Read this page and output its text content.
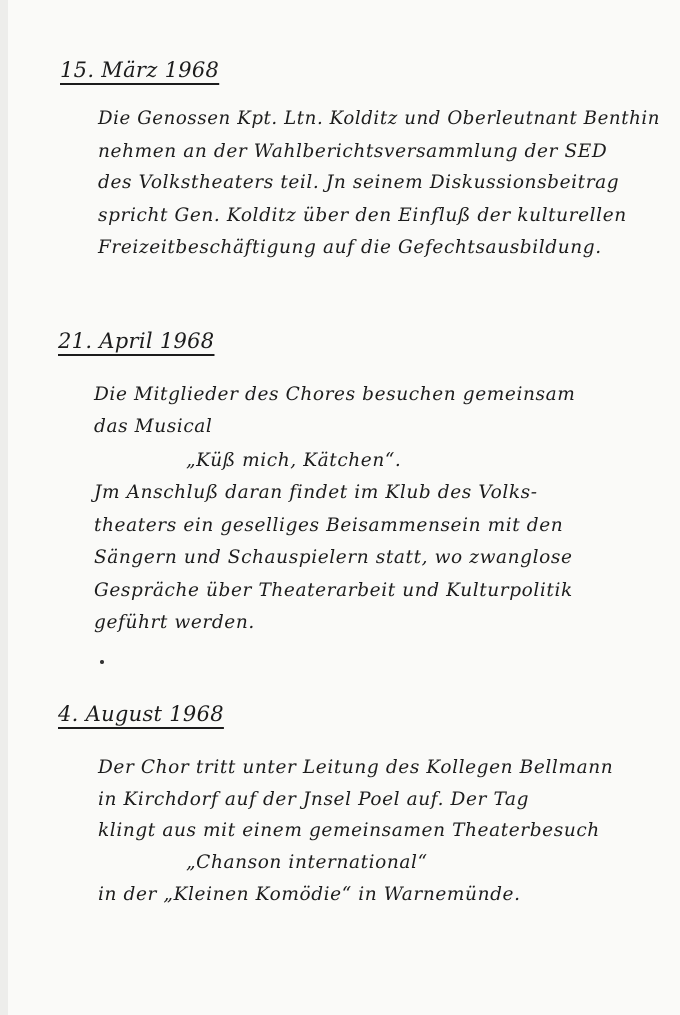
15. März 1968
Die Genossen Kpt. Ltn. Kolditz und Oberleutnant Benthin
nehmen an der Wahlberichtsversammlung der SED
des Volkstheaters teil. Jn seinem Diskussionsbeitrag
spricht Gen. Kolditz über den Einfluß der kulturellen
Freizeitbeschäftigung auf die Gefechtsausbildung.
21. April 1968
Die Mitglieder des Chores besuchen gemeinsam
das Musical
„Küß mich, Kätchen“.
Jm Anschluß daran findet im Klub des Volks-
theaters ein geselliges Beisammensein mit den
Sängern und Schauspielern statt, wo zwanglose
Gespräche über Theaterarbeit und Kulturpolitik
geführt werden.
4. August 1968
Der Chor tritt unter Leitung des Kollegen Bellmann
in Kirchdorf auf der Jnsel Poel auf. Der Tag
klingt aus mit einem gemeinsamen Theaterbesuch
„Chanson international“
in der „Kleinen Komödie“ in Warnemünde.
